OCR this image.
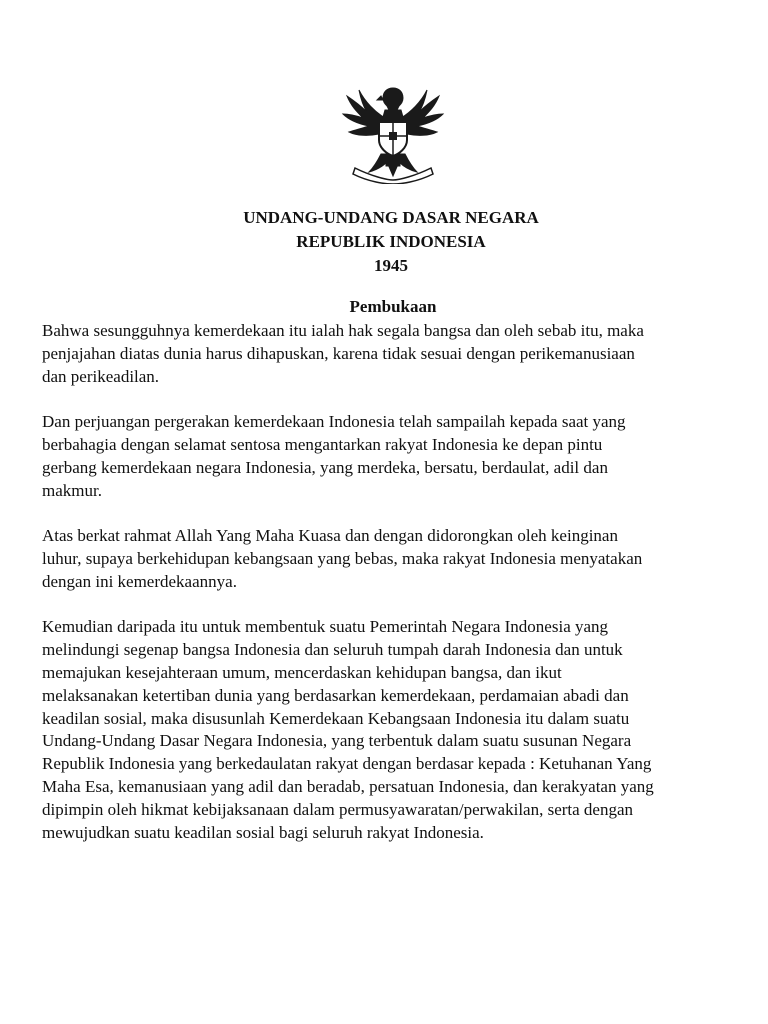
UNDANG-UNDANG DASAR NEGARA
REPUBLIK INDONESIA
1945
Pembukaan

Bahwa sesungguhnya kemerdekaan itu ialah hak segala bangsa dan oleh sebab itu, maka
penjajahan diatas dunia harus dihapuskan, karena tidak sesuai dengan perikemanusiaan
dan perikeadilan.

Dan perjuangan pergerakan kemerdekaan Indonesia telah sampailah kepada saat yang
berbahagia dengan selamat sentosa mengantarkan rakyat Indonesia ke depan pintu
gerbang kemerdekaan negara Indonesia, yang merdeka, bersatu, berdaulat, adil dan
makmur.

Atas berkat rahmat Allah Yang Maha Kuasa dan dengan didorongkan oleh keinginan
luhur, supaya berkehidupan kebangsaan yang bebas, maka rakyat Indonesia menyatakan
dengan ini kemerdekaannya.

Kemudian daripada itu untuk membentuk suatu Pemerintah Negara Indonesia yang
melindungi segenap bangsa Indonesia dan seluruh tumpah darah Indonesia dan untuk
memajukan kesejahteraan umum, mencerdaskan kehidupan bangsa, dan ikut
melaksanakan ketertiban dunia yang berdasarkan kemerdekaan, perdamaian abadi dan
keadilan sosial, maka disusunlah Kemerdekaan Kebangsaan Indonesia itu dalam suatu
Undang-Undang Dasar Negara Indonesia, yang terbentuk dalam suatu susunan Negara
Republik Indonesia yang berkedaulatan rakyat dengan berdasar kepada : Ketuhanan Yang
Maha Esa, kemanusiaan yang adil dan beradab, persatuan Indonesia, dan kerakyatan yang
dipimpin oleh hikmat kebijaksanaan dalam permusyawaratan/perwakilan, serta dengan
mewujudkan suatu keadilan sosial bagi seluruh rakyat Indonesia.
